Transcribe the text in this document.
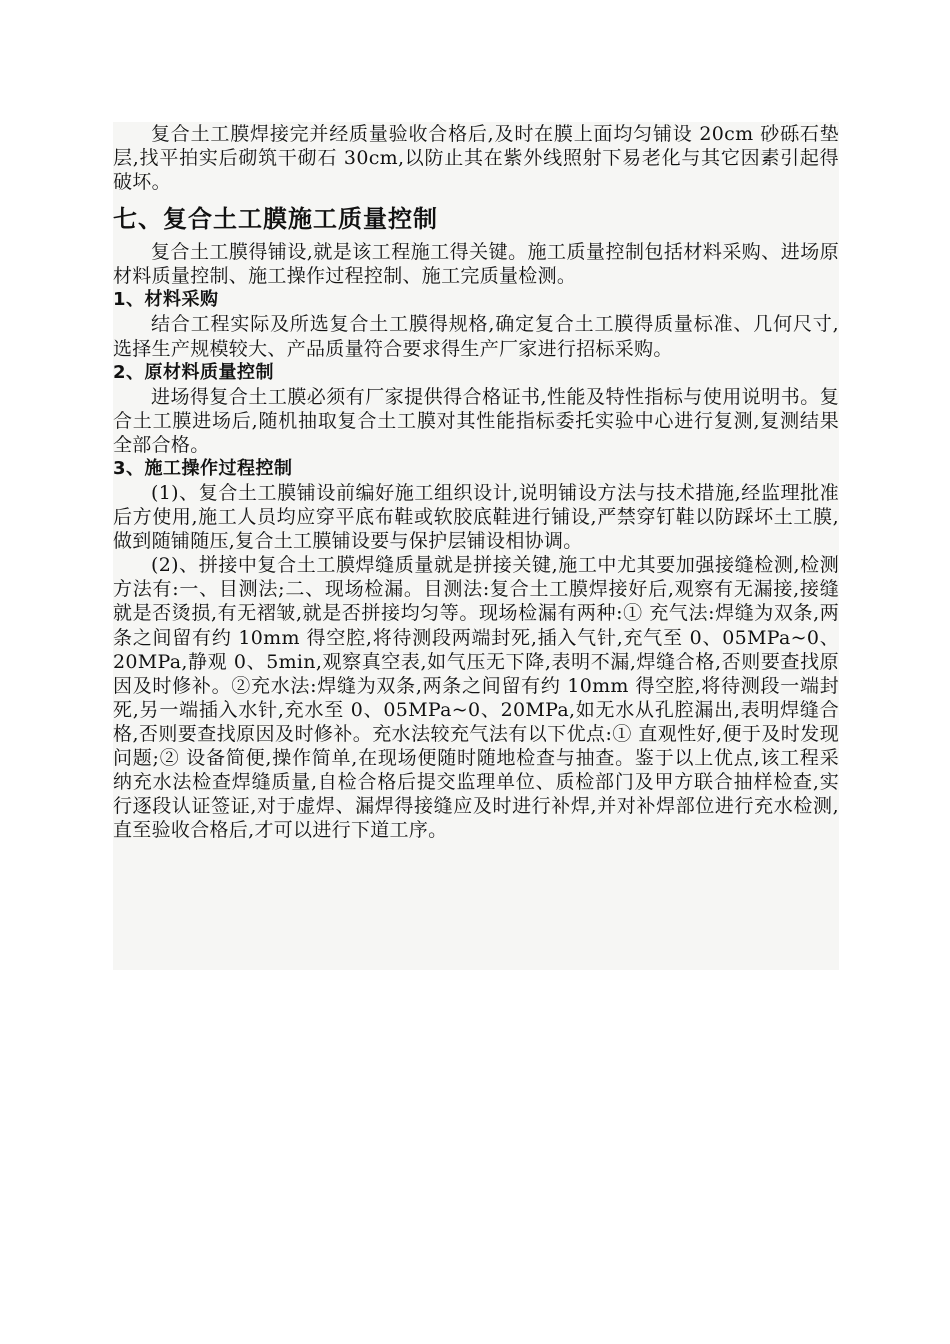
复合土工膜焊接完并经质量验收合格后,及时在膜上面均匀铺设 20cm 砂砾石垫层,找平拍实后砌筑干砌石 30cm,以防止其在紫外线照射下易老化与其它因素引起得破坏。

七、复合土工膜施工质量控制

复合土工膜得铺设,就是该工程施工得关键。施工质量控制包括材料采购、进场原材料质量控制、施工操作过程控制、施工完质量检测。

1、材料采购

结合工程实际及所选复合土工膜得规格,确定复合土工膜得质量标准、几何尺寸,选择生产规模较大、产品质量符合要求得生产厂家进行招标采购。

2、原材料质量控制

进场得复合土工膜必须有厂家提供得合格证书,性能及特性指标与使用说明书。复合土工膜进场后,随机抽取复合土工膜对其性能指标委托实验中心进行复测,复测结果全部合格。

3、施工操作过程控制

(1)、复合土工膜铺设前编好施工组织设计,说明铺设方法与技术措施,经监理批准后方使用,施工人员均应穿平底布鞋或软胶底鞋进行铺设,严禁穿钉鞋以防踩坏土工膜,做到随铺随压,复合土工膜铺设要与保护层铺设相协调。

(2)、拼接中复合土工膜焊缝质量就是拼接关键,施工中尤其要加强接缝检测,检测方法有:一、目测法;二、现场检漏。目测法:复合土工膜焊接好后,观察有无漏接,接缝就是否烫损,有无褶皱,就是否拼接均匀等。现场检漏有两种:① 充气法:焊缝为双条,两条之间留有约 10mm 得空腔,将待测段两端封死,插入气针,充气至 0、05MPa~0、20MPa,静观 0、5min,观察真空表,如气压无下降,表明不漏,焊缝合格,否则要查找原因及时修补。②充水法:焊缝为双条,两条之间留有约 10mm 得空腔,将待测段一端封死,另一端插入水针,充水至 0、05MPa~0、20MPa,如无水从孔腔漏出,表明焊缝合格,否则要查找原因及时修补。充水法较充气法有以下优点:① 直观性好,便于及时发现问题;② 设备简便,操作简单,在现场便随时随地检查与抽查。鉴于以上优点,该工程采纳充水法检查焊缝质量,自检合格后提交监理单位、质检部门及甲方联合抽样检查,实行逐段认证签证,对于虚焊、漏焊得接缝应及时进行补焊,并对补焊部位进行充水检测,直至验收合格后,才可以进行下道工序。
